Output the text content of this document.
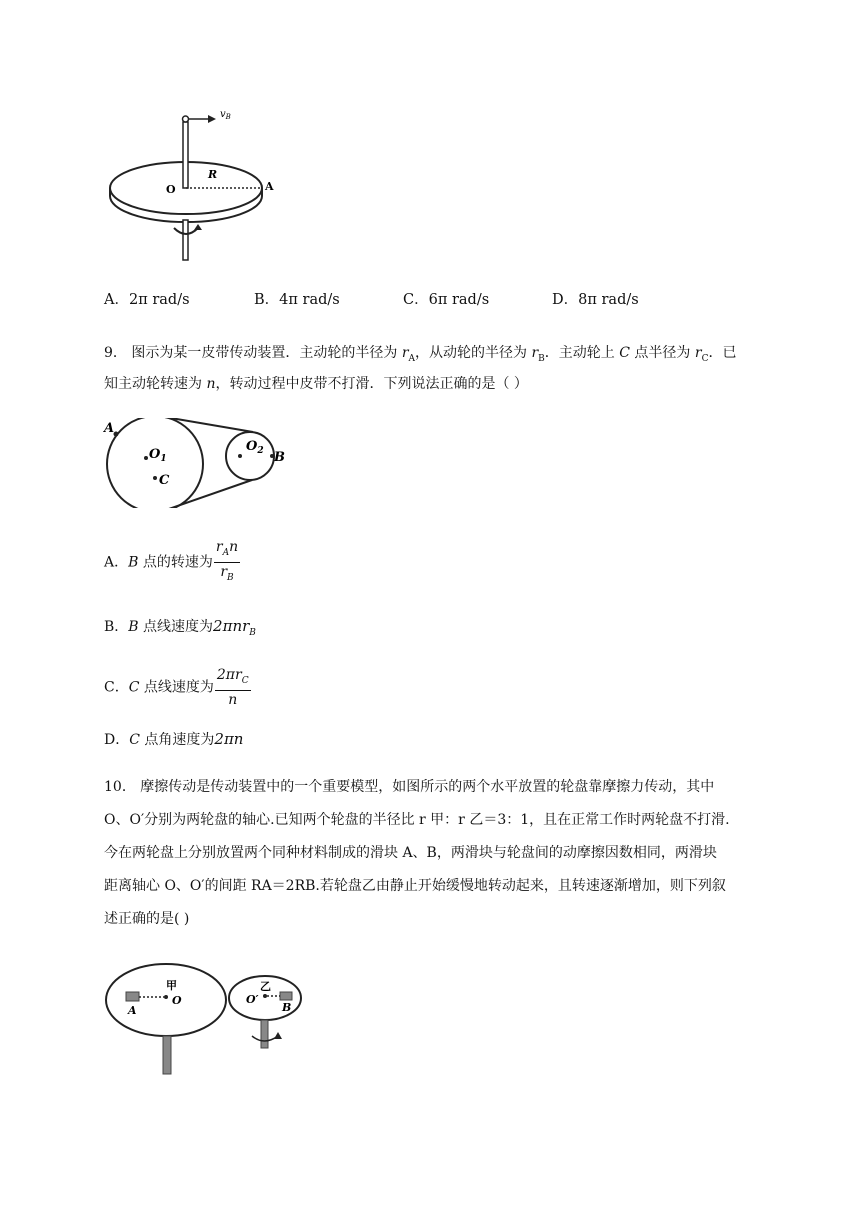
$v_B$
O
R
A
A．2π rad/s	B．4π rad/s	C．6π rad/s	D．8π rad/s
9． 图示为某一皮带传动装置．主动轮的半径为 $r_A$，从动轮的半径为 $r_B$．主动轮上 C 点半径为 $r_C$．已
知主动轮转速为 n，转动过程中皮带不打滑．下列说法正确的是（ ）
A
$O_1$
C
$O_2$ B
A．B 点的转速为 $\frac{r_An}{r_B}$
B．B 点线速度为2πnr$_B$
C．C 点线速度为 $\frac{2\pi r_C}{n}$
D．C 点角速度为2πn
10． 摩擦传动是传动装置中的一个重要模型，如图所示的两个水平放置的轮盘靠摩擦力传动，其中
O、O′分别为两轮盘的轴心.已知两个轮盘的半径比 r 甲：r 乙＝3：1，且在正常工作时两轮盘不打滑.
今在两轮盘上分别放置两个同种材料制成的滑块 A、B，两滑块与轮盘间的动摩擦因数相同，两滑块
距离轴心 O、O′的间距 RA＝2RB.若轮盘乙由静止开始缓慢地转动起来，且转速逐渐增加，则下列叙
述正确的是( )
甲
A
O
乙
O′
B
